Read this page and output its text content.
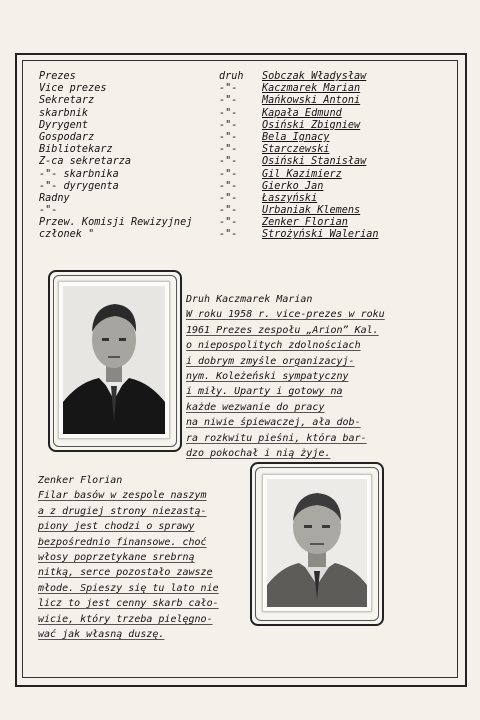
Prezes	druh Sobczak Władysław
Vice prezes	-"- Kaczmarek Marian
Sekretarz	-"- Mańkowski Antoni
skarbnik	-"- Kapała Edmund
Dyrygent	-"- Osiński Zbigniew
Gospodarz	-"- Bela Ignacy
Bibliotekarz	-"- Starczewski
Z-ca sekretarza	-"- Osiński Stanisław
-"- skarbnika	-"- Gil Kazimierz
-"- dyrygenta	-"- Gierko Jan
Radny	-"- Łaszyński
-"-	-"- Urbaniak Klemens
Przew. Komisji Rewizyjnej	-"- Zenker Florian
członek "	-"- Strożyński Walerian
Druh Kaczmarek Marian
W roku 1958 r. vice-prezes w roku
1961 Prezes zespołu „Arion” Kal.
o niepospolitych zdolnościach
i dobrym zmyśle organizacyj-
nym. Koleżeński sympatyczny
i miły. Uparty i gotowy na
każde wezwanie do pracy
na niwie śpiewaczej, ała dob-
ra rozkwitu pieśni, która bar-
dzo pokochał i nią żyje.
Zenker Florian
Filar basów w zespole naszym
a z drugiej strony niezastą-
piony jest chodzi o sprawy
bezpośrednio finansowe. choć
włosy poprzetykane srebrną
nitką, serce pozostało zawsze
młode. Spieszy się tu lato nie
licz to jest cenny skarb cało-
wicie, który trzeba pielęgno-
wać jak własną duszę.
